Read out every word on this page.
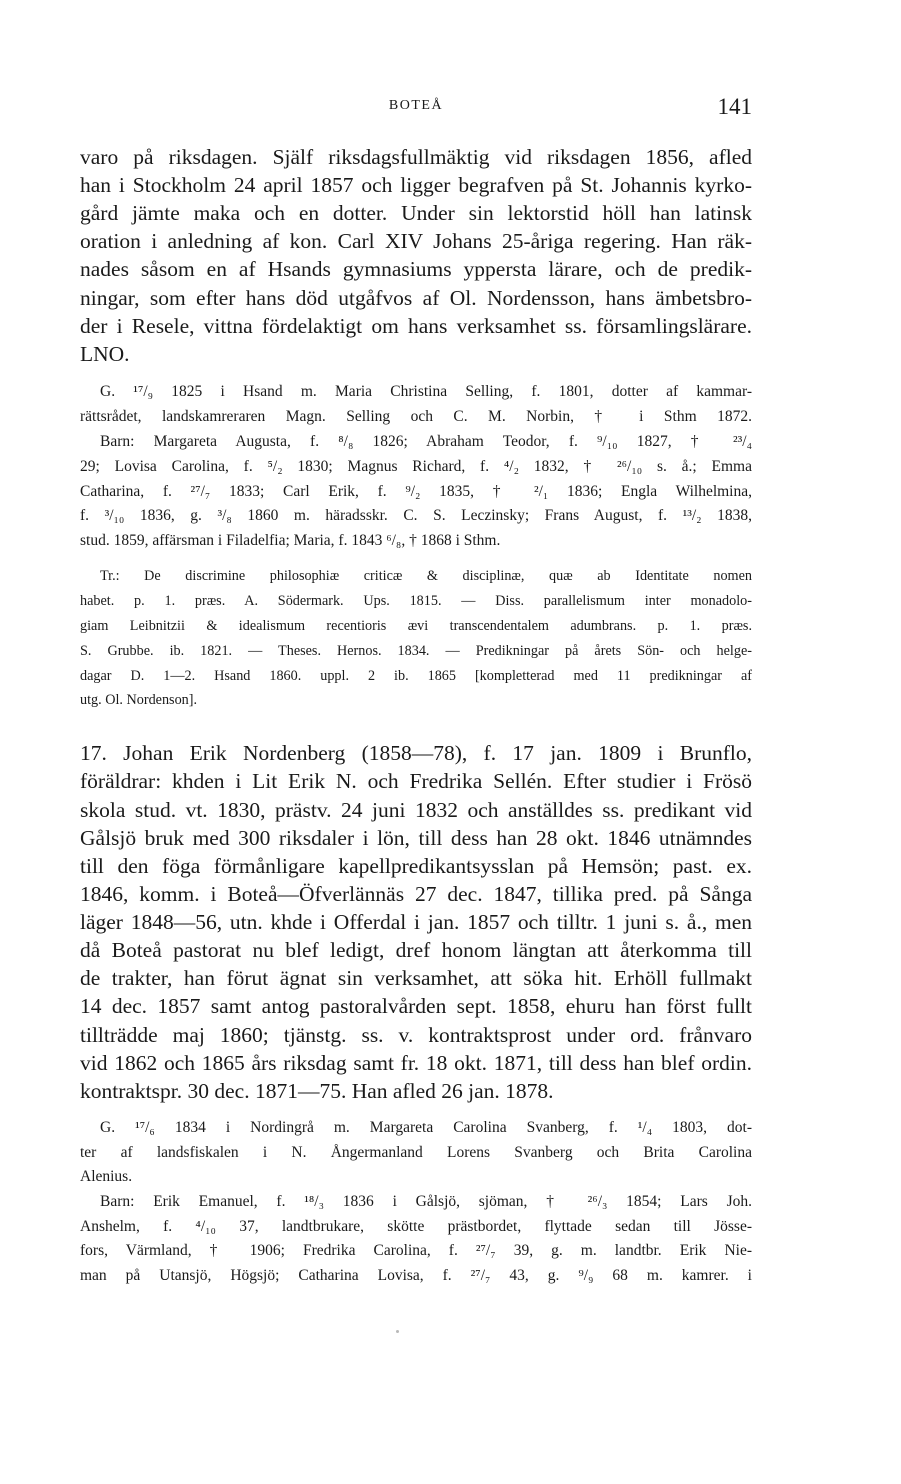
BOTEÅ	141
varo på riksdagen. Själf riksdagsfullmäktig vid riksdagen 1856, afled
han i Stockholm 24 april 1857 och ligger begrafven på St. Johannis kyrko-
gård jämte maka och en dotter. Under sin lektorstid höll han latinsk
oration i anledning af kon. Carl XIV Johans 25-åriga regering. Han räk-
nades såsom en af Hsands gymnasiums yppersta lärare, och de predik-
ningar, som efter hans död utgåfvos af Ol. Nordensson, hans ämbetsbro-
der i Resele, vittna fördelaktigt om hans verksamhet ss. församlingslärare.
LNO.
G. ¹⁷/₉ 1825 i Hsand m. Maria Christina Selling, f. 1801, dotter af kammar-
rättsrådet, landskamreraren Magn. Selling och C. M. Norbin, † i Sthm 1872.
Barn: Margareta Augusta, f. ⁸/₈ 1826; Abraham Teodor, f. ⁹/₁₀ 1827, † ²³/₄
29; Lovisa Carolina, f. ⁵/₂ 1830; Magnus Richard, f. ⁴/₂ 1832, † ²⁶/₁₀ s. å.; Emma
Catharina, f. ²⁷/₇ 1833; Carl Erik, f. ⁹/₂ 1835, † ²/₁ 1836; Engla Wilhelmina,
f. ³/₁₀ 1836, g. ³/₈ 1860 m. häradsskr. C. S. Leczinsky; Frans August, f. ¹³/₂ 1838,
stud. 1859, affärsman i Filadelfia; Maria, f. 1843 ⁶/₈, † 1868 i Sthm.
Tr.: De discrimine philosophiæ criticæ & disciplinæ, quæ ab Identitate nomen
habet. p. 1. præs. A. Södermark. Ups. 1815. — Diss. parallelismum inter monadolo-
giam Leibnitzii & idealismum recentioris ævi transcendentalem adumbrans. p. 1. præs.
S. Grubbe. ib. 1821. — Theses. Hernos. 1834. — Predikningar på årets Sön- och helge-
dagar D. 1—2. Hsand 1860. uppl. 2 ib. 1865 [kompletterad med 11 predikningar af
utg. Ol. Nordenson].
17. Johan Erik Nordenberg (1858—78), f. 17 jan. 1809 i Brunflo,
föräldrar: khden i Lit Erik N. och Fredrika Sellén. Efter studier i Frösö
skola stud. vt. 1830, prästv. 24 juni 1832 och anställdes ss. predikant vid
Gålsjö bruk med 300 riksdaler i lön, till dess han 28 okt. 1846 utnämndes
till den föga förmånligare kapellpredikantsysslan på Hemsön; past. ex.
1846, komm. i Boteå—Öfverlännäs 27 dec. 1847, tillika pred. på Sånga
läger 1848—56, utn. khde i Offerdal i jan. 1857 och tilltr. 1 juni s. å., men
då Boteå pastorat nu blef ledigt, dref honom längtan att återkomma till
de trakter, han förut ägnat sin verksamhet, att söka hit. Erhöll fullmakt
14 dec. 1857 samt antog pastoralvården sept. 1858, ehuru han först fullt
tillträdde maj 1860; tjänstg. ss. v. kontraktsprost under ord. frånvaro
vid 1862 och 1865 års riksdag samt fr. 18 okt. 1871, till dess han blef ordin.
kontraktspr. 30 dec. 1871—75. Han afled 26 jan. 1878.
G. ¹⁷/₆ 1834 i Nordingrå m. Margareta Carolina Svanberg, f. ¹/₄ 1803, dot-
ter af landsfiskalen i N. Ångermanland Lorens Svanberg och Brita Carolina
Alenius.
Barn: Erik Emanuel, f. ¹⁸/₃ 1836 i Gålsjö, sjöman, † ²⁶/₃ 1854; Lars Joh.
Anshelm, f. ⁴/₁₀ 37, landtbrukare, skötte prästbordet, flyttade sedan till Jösse-
fors, Värmland, † 1906; Fredrika Carolina, f. ²⁷/₇ 39, g. m. landtbr. Erik Nie-
man på Utansjö, Högsjö; Catharina Lovisa, f. ²⁷/₇ 43, g. ⁹/₉ 68 m. kamrer. i
